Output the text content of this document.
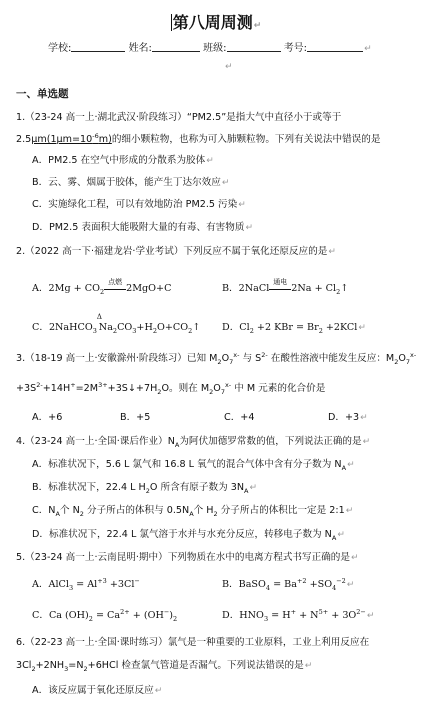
第八周周测↵
学校:	姓名:	班级:	考号:	↵
↵
一、单选题
1.（23-24 高一上·湖北武汉·阶段练习）“PM2.5”是指大气中直径小于或等于
$2.5\mu m(1\mu m=10^{-6}m)$的细小颗粒物，也称为可入肺颗粒物。下列有关说法中错误的是
A．PM2.5 在空气中形成的分散系为胶体↵
B．云、雾、烟属于胶体，能产生丁达尔效应↵
C．实施绿化工程，可以有效地防治 PM2.5 污染↵
D．PM2.5 表面积大能吸附大量的有毒、有害物质↵
2.（2022 高一下·福建龙岩·学业考试）下列反应不属于氧化还原反应的是↵
A．$2Mg + CO_2$
点燃
2MgO+C	B．2NaCl
通电
$2Na + Cl_2↑$
C．2NaHCO$_3$ 
Δ
$Na_2CO_3+H_2O+CO_2↑$ D．$Cl_2 +2$ KBr = $Br_2$ +2KCl↵
3.（18-19 高一上·安徽滁州·阶段练习）已知 $M_2O_7^{x-}$ 与 $S^{2-}$ 在酸性溶液中能发生反应：$M_2O_7^{x-}$
$+3S^{2-}+14H^+=2M^{3+}+3S↓+7H_2O$。则在 $M_2O_7^{x-}$ 中 M 元素的化合价是
A．+6	B．+5	C．+4	D．+3↵
4.（23-24 高一上·全国·课后作业）$N_A$为阿伏加德罗常数的值，下列说法正确的是↵
A．标准状况下，5.6 L 氯气和 16.8 L 氧气的混合气体中含有分子数为 $N_A↵$
B．标准状况下，22.4 L $H_2O$ 所含有原子数为 $3N_A↵$
C．$N_A$个 $N_2$ 分子所占的体积与 $0.5N_A$个 $H_2$ 分子所占的体积比一定是 2:1↵
D．标准状况下，22.4 L 氯气溶于水并与水充分反应，转移电子数为 $N_A↵$
5.（23-24 高一上·云南昆明·期中）下列物质在水中的电离方程式书写正确的是↵
A．AlCl$_3$ = $Al^{+3} +3Cl^-$	B．BaSO$_4$ = $Ba^{+2}$ $+SO_4^{-2}↵$
C．Ca $(OH)_2 = Ca^{2+} + (OH^-)_2$	D．$HNO_3 = H^+ + N^{5+}$ + $3O^{2-}↵$
6.（22-23 高一上·全国·课时练习）氯气是一种重要的工业原料，工业上利用反应在
$3Cl_2+2NH_3=N_2+6HCl$ 检查氯气管道是否漏气。下列说法错误的是↵
A．该反应属于氧化还原反应↵
